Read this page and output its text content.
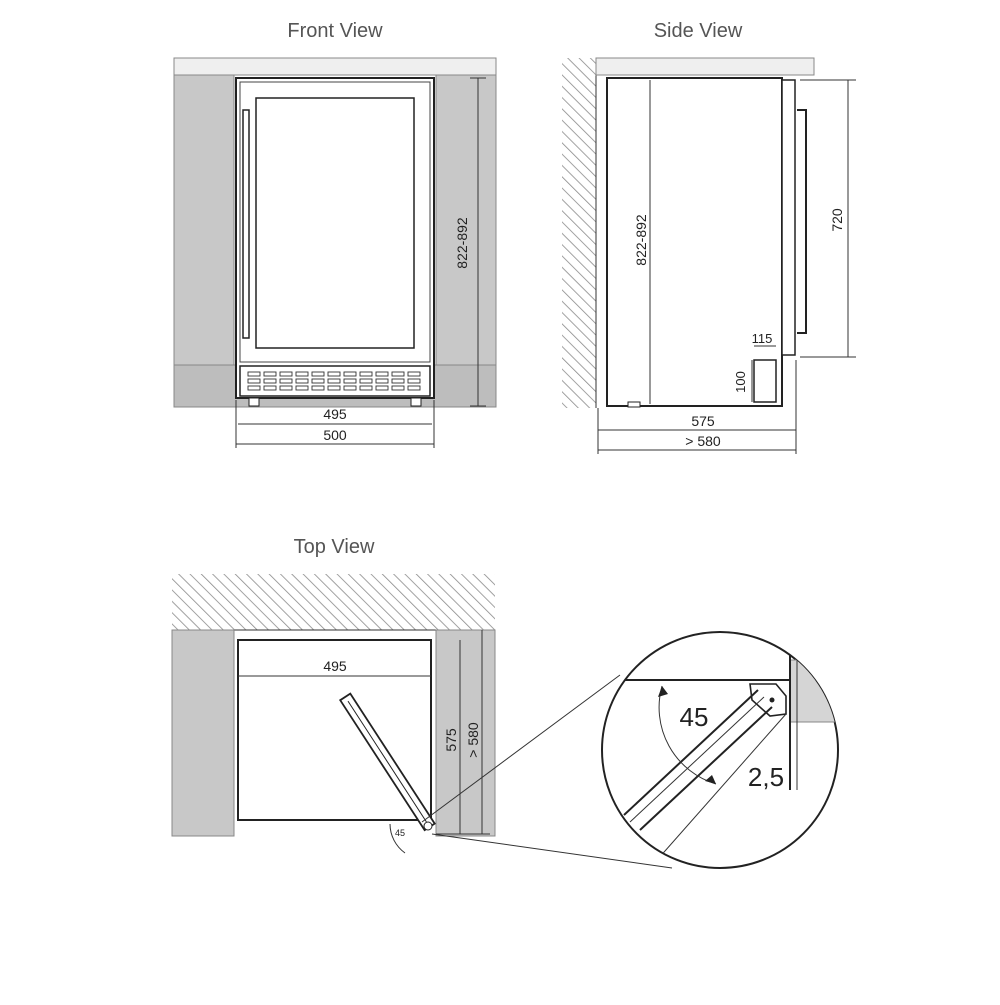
Front View
822-892
495
500
Side View
822-892	720
115
100
575
> 580
Top View
495
575 > 580
45
45
2,5
